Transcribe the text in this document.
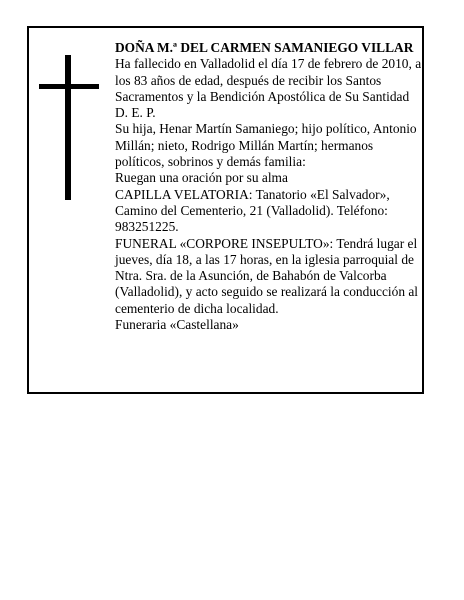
DOÑA M.ª DEL CARMEN SAMANIEGO VILLAR

Ha fallecido en Valladolid el día 17 de febrero de 2010, a los 83 años de edad, después de recibir los Santos Sacramentos y la Bendición Apostólica de Su Santidad

D. E. P.

Su hija, Henar Martín Samaniego; hijo político, Antonio Millán; nieto, Rodrigo Millán Martín; hermanos políticos, sobrinos y demás familia:

Ruegan una oración por su alma

CAPILLA VELATORIA: Tanatorio «El Salvador», Camino del Cementerio, 21 (Valladolid). Teléfono: 983251225.

FUNERAL «CORPORE INSEPULTO»: Tendrá lugar el jueves, día 18, a las 17 horas, en la iglesia parroquial de Ntra. Sra. de la Asunción, de Bahabón de Valcorba (Valladolid), y acto seguido se realizará la conducción al cementerio de dicha localidad.

Funeraria «Castellana»
